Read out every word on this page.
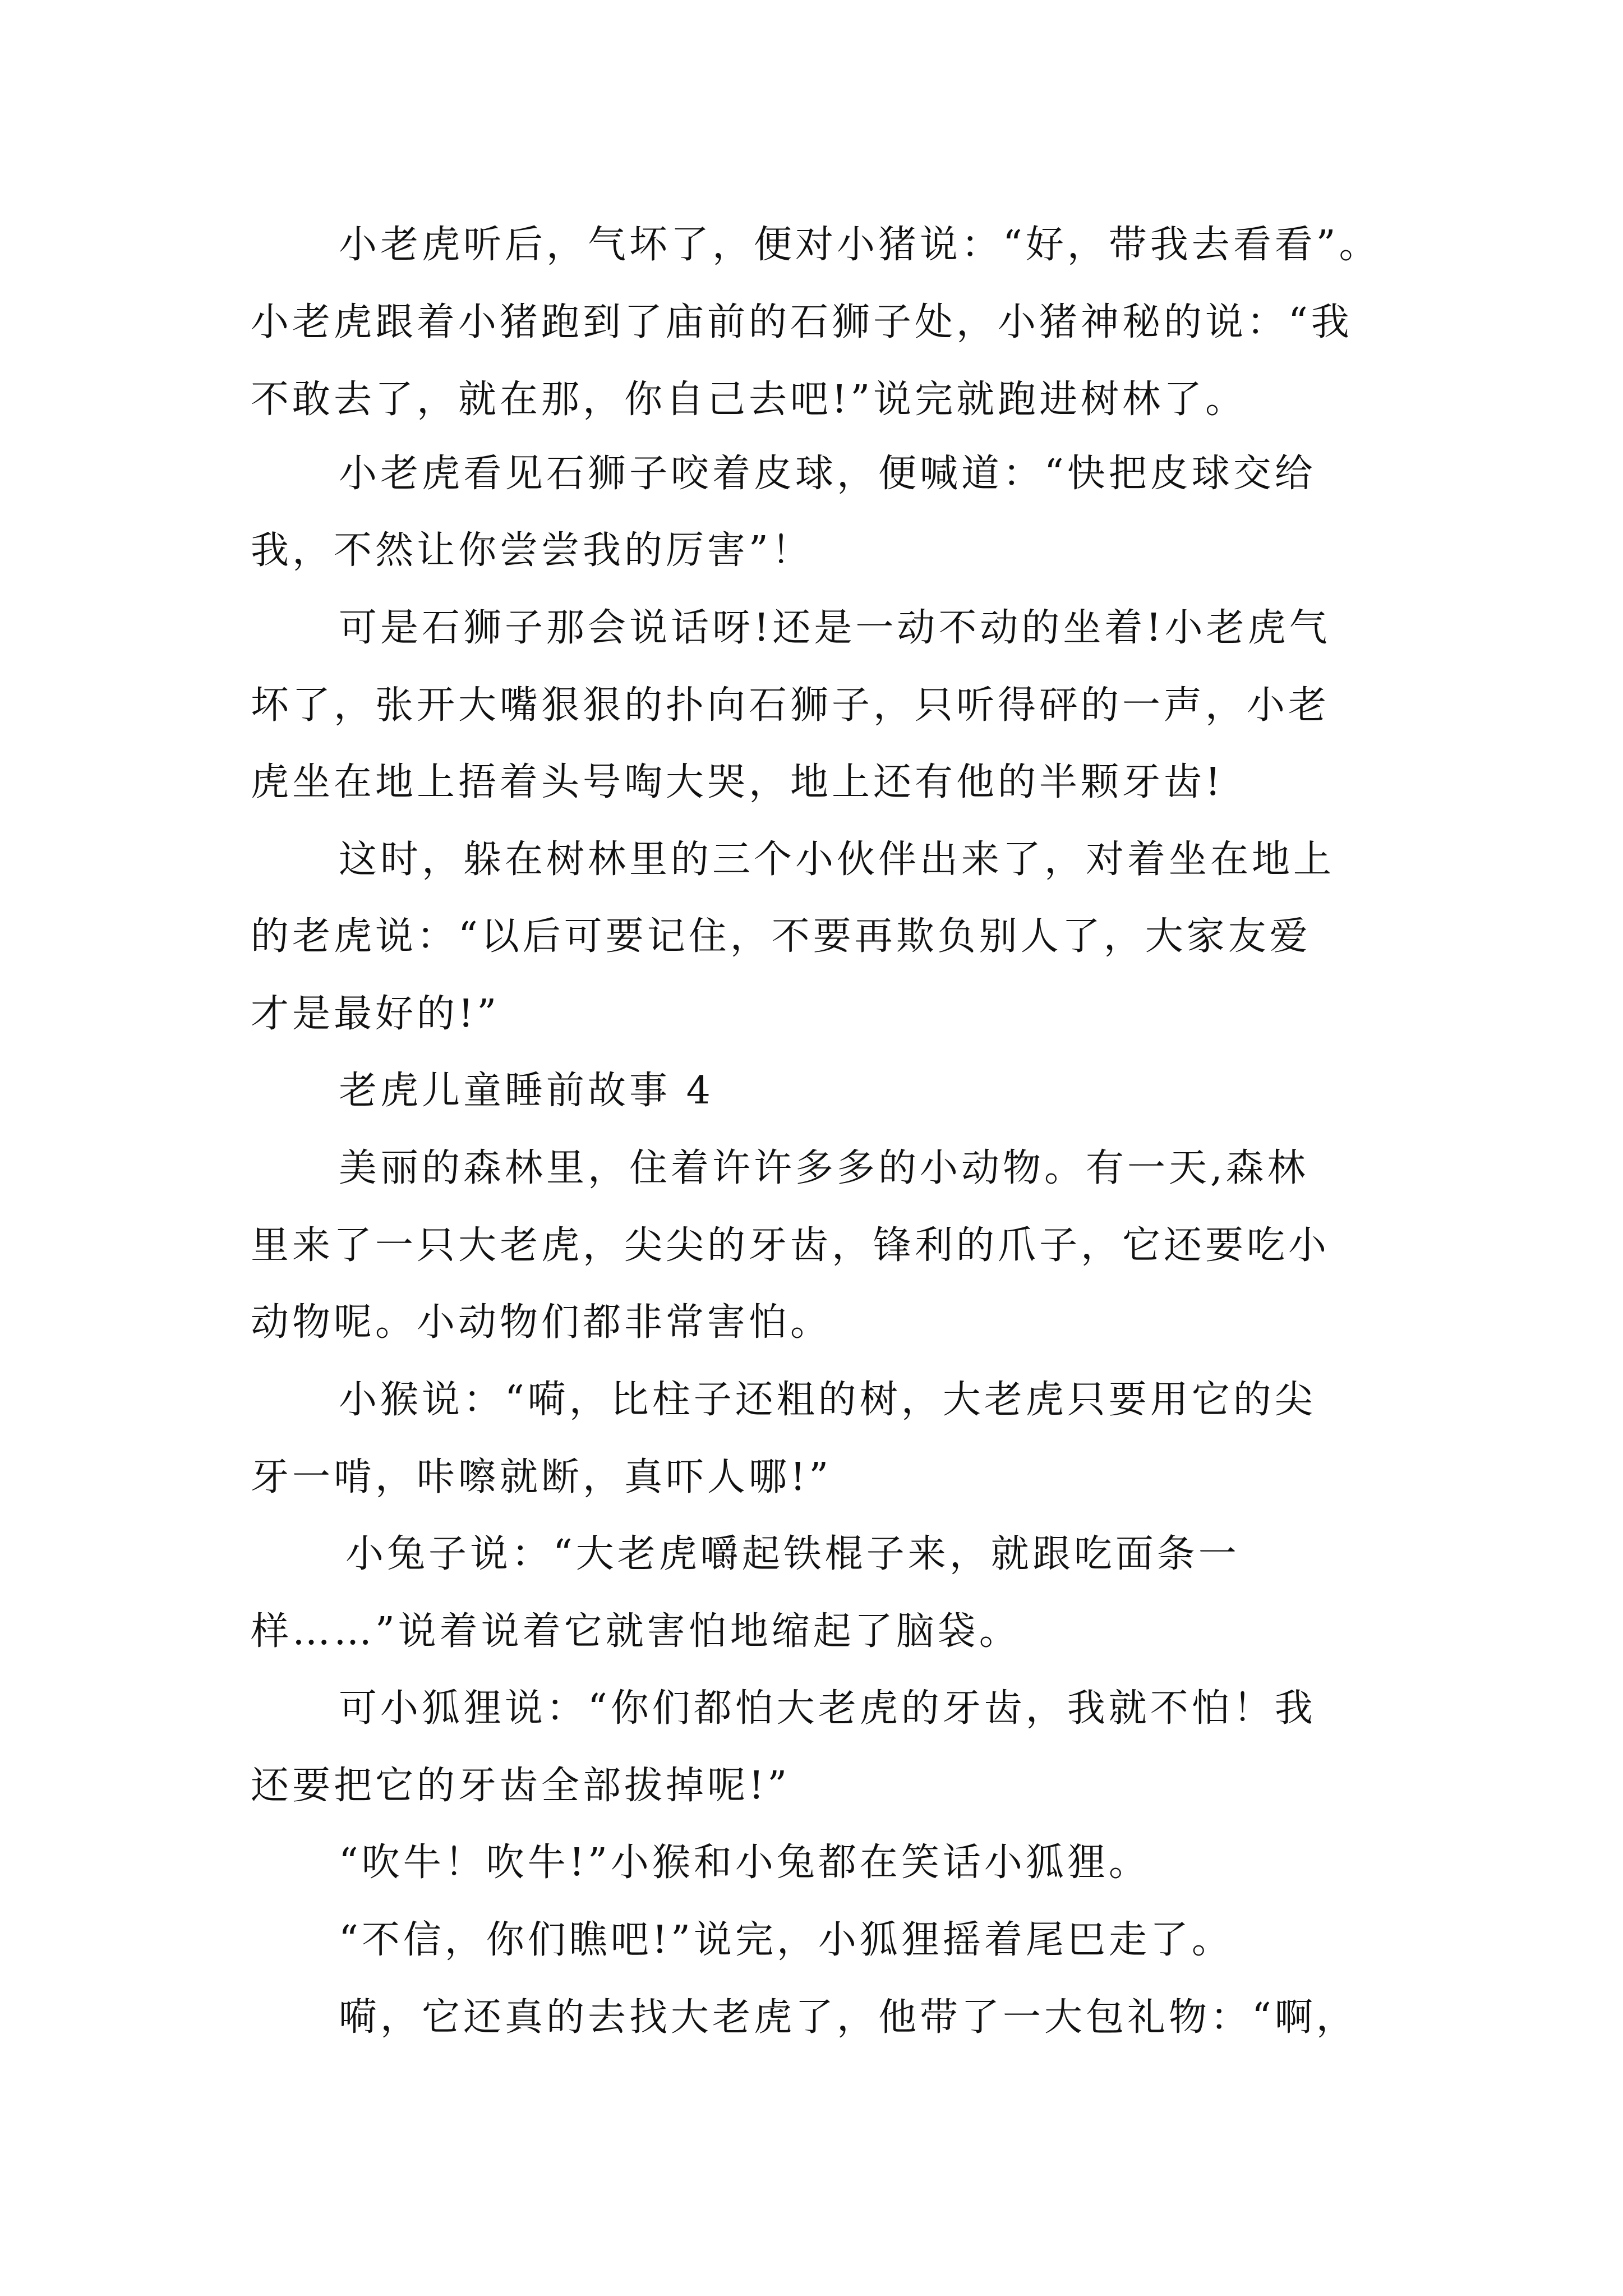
小老虎听后，气坏了，便对小猪说：“好，带我去看看”。

小老虎跟着小猪跑到了庙前的石狮子处，小猪神秘的说：“我

不敢去了，就在那，你自己去吧!”说完就跑进树林了。

小老虎看见石狮子咬着皮球，便喊道：“快把皮球交给

我，不然让你尝尝我的厉害”！

可是石狮子那会说话呀!还是一动不动的坐着!小老虎气

坏了，张开大嘴狠狠的扑向石狮子，只听得砰的一声，小老

虎坐在地上捂着头号啕大哭，地上还有他的半颗牙齿!

这时，躲在树林里的三个小伙伴出来了，对着坐在地上

的老虎说：“以后可要记住，不要再欺负别人了，大家友爱

才是最好的!”

老虎儿童睡前故事 4

美丽的森林里，住着许许多多的小动物。有一天,森林

里来了一只大老虎，尖尖的牙齿，锋利的爪子，它还要吃小

动物呢。小动物们都非常害怕。

小猴说：“嗬，比柱子还粗的树，大老虎只要用它的尖

牙一啃，咔嚓就断，真吓人哪!”

小兔子说：“大老虎嚼起铁棍子来，就跟吃面条一

样……”说着说着它就害怕地缩起了脑袋。

可小狐狸说：“你们都怕大老虎的牙齿，我就不怕！我

还要把它的牙齿全部拔掉呢!”

“吹牛！吹牛!”小猴和小兔都在笑话小狐狸。

“不信，你们瞧吧!”说完，小狐狸摇着尾巴走了。

嗬，它还真的去找大老虎了，他带了一大包礼物：“啊，
